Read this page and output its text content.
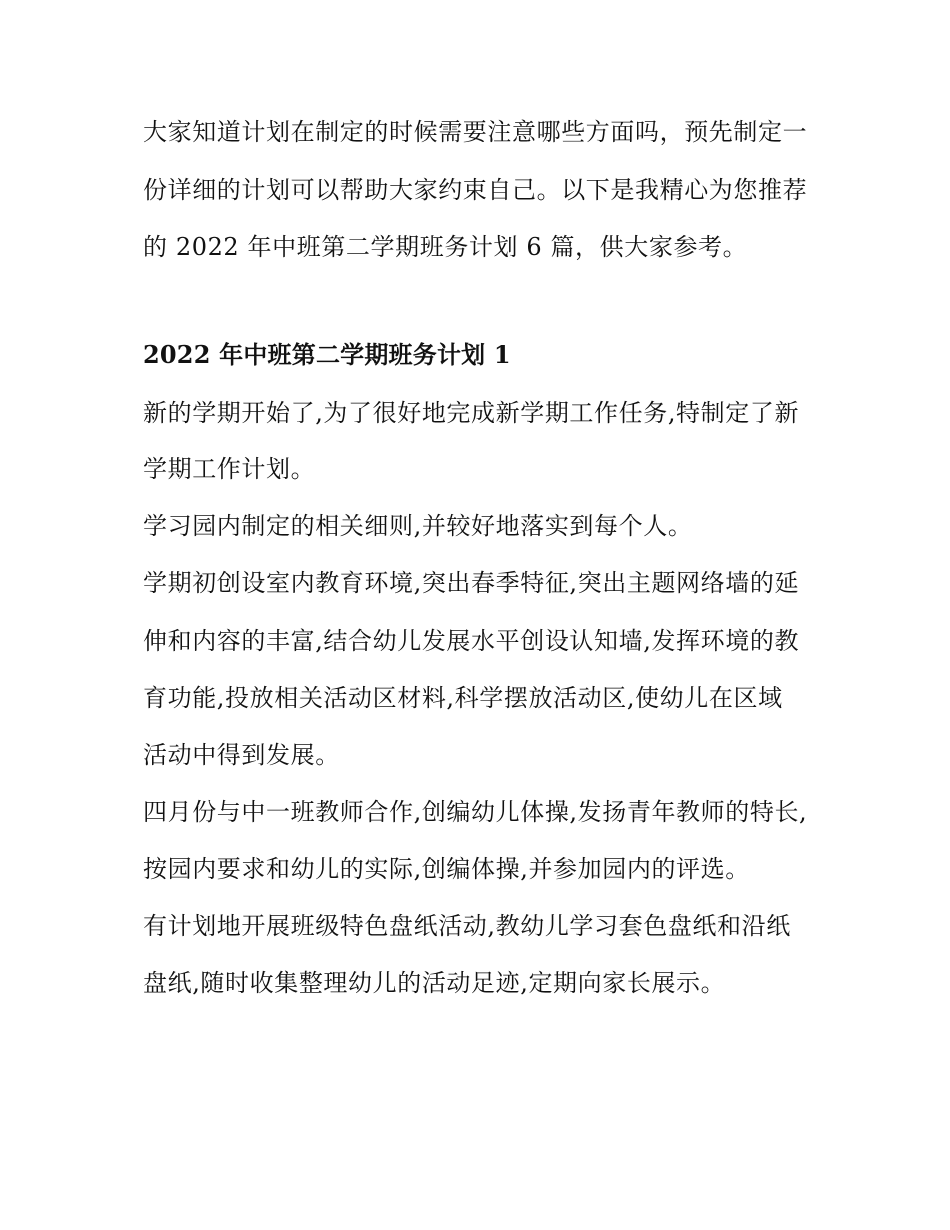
大家知道计划在制定的时候需要注意哪些方面吗，预先制定一
份详细的计划可以帮助大家约束自己。以下是我精心为您推荐
的 2022 年中班第二学期班务计划 6 篇，供大家参考。
2022 年中班第二学期班务计划 1
新的学期开始了,为了很好地完成新学期工作任务,特制定了新
学期工作计划。
学习园内制定的相关细则,并较好地落实到每个人。
学期初创设室内教育环境,突出春季特征,突出主题网络墙的延
伸和内容的丰富,结合幼儿发展水平创设认知墙,发挥环境的教
育功能,投放相关活动区材料,科学摆放活动区,使幼儿在区域
活动中得到发展。
四月份与中一班教师合作,创编幼儿体操,发扬青年教师的特长,
按园内要求和幼儿的实际,创编体操,并参加园内的评选。
有计划地开展班级特色盘纸活动,教幼儿学习套色盘纸和沿纸
盘纸,随时收集整理幼儿的活动足迹,定期向家长展示。
